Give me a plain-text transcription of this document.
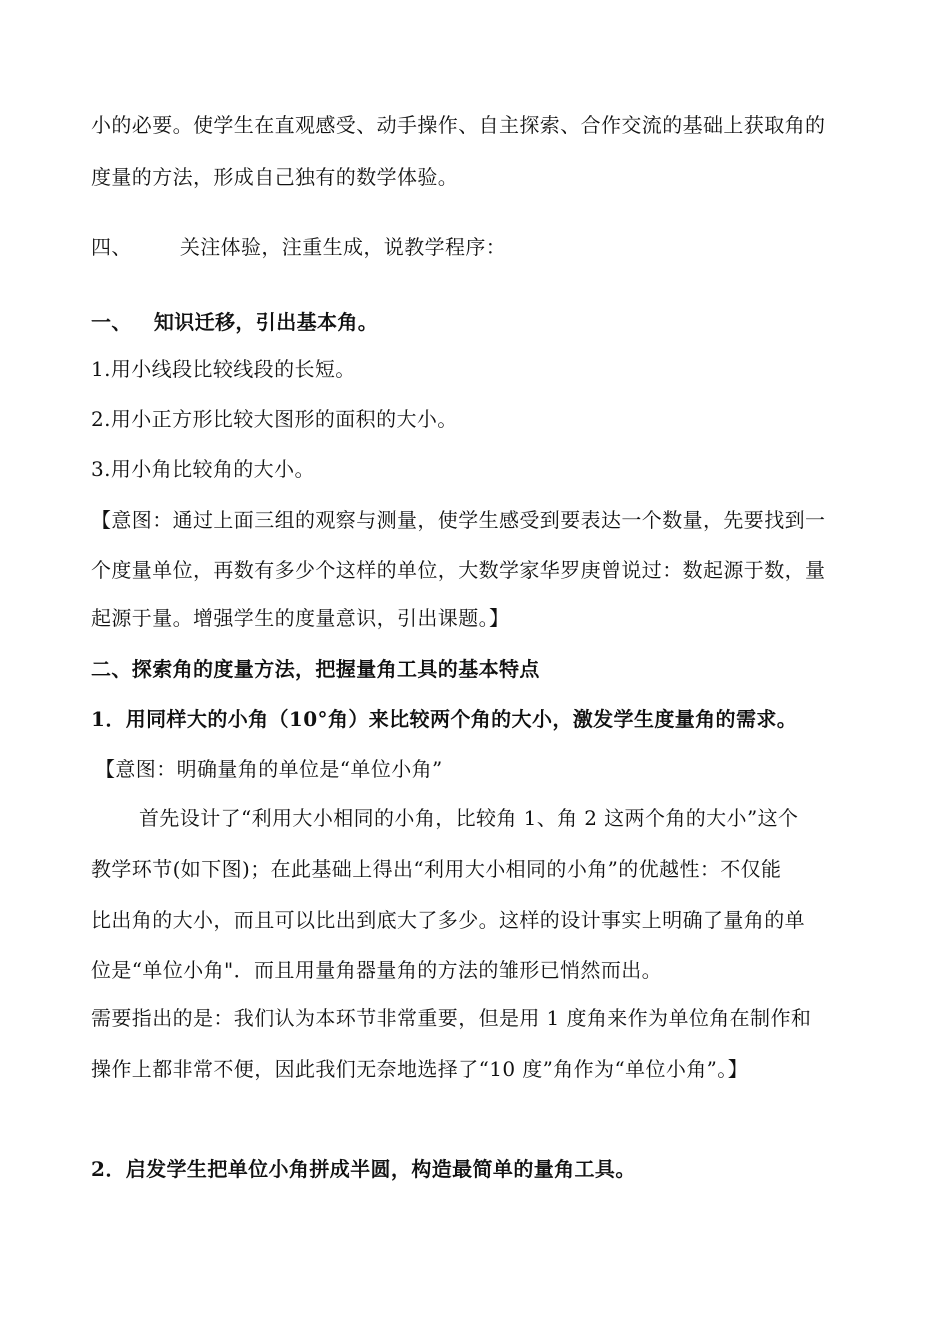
小的必要。使学生在直观感受、动手操作、自主探索、合作交流的基础上获取角的
度量的方法，形成自己独有的数学体验。
四、 关注体验，注重生成，说教学程序：
一、 知识迁移，引出基本角。
1.用小线段比较线段的长短。
2.用小正方形比较大图形的面积的大小。
3.用小角比较角的大小。
【意图：通过上面三组的观察与测量，使学生感受到要表达一个数量，先要找到一
个度量单位，再数有多少个这样的单位，大数学家华罗庚曾说过：数起源于数，量
起源于量。增强学生的度量意识，引出课题。】
二、探索角的度量方法，把握量角工具的基本特点
1．用同样大的小角（10°角）来比较两个角的大小，激发学生度量角的需求。
【意图：明确量角的单位是“单位小角”
首先设计了“利用大小相同的小角，比较角 1、角 2 这两个角的大小”这个
教学环节(如下图)；在此基础上得出“利用大小相同的小角”的优越性：不仅能
比出角的大小，而且可以比出到底大了多少。这样的设计事实上明确了量角的单
位是“单位小角"．而且用量角器量角的方法的雏形已悄然而出。
需要指出的是：我们认为本环节非常重要，但是用 1 度角来作为单位角在制作和
操作上都非常不便，因此我们无奈地选择了“10 度”角作为“单位小角”。】
2．启发学生把单位小角拼成半圆，构造最简单的量角工具。
